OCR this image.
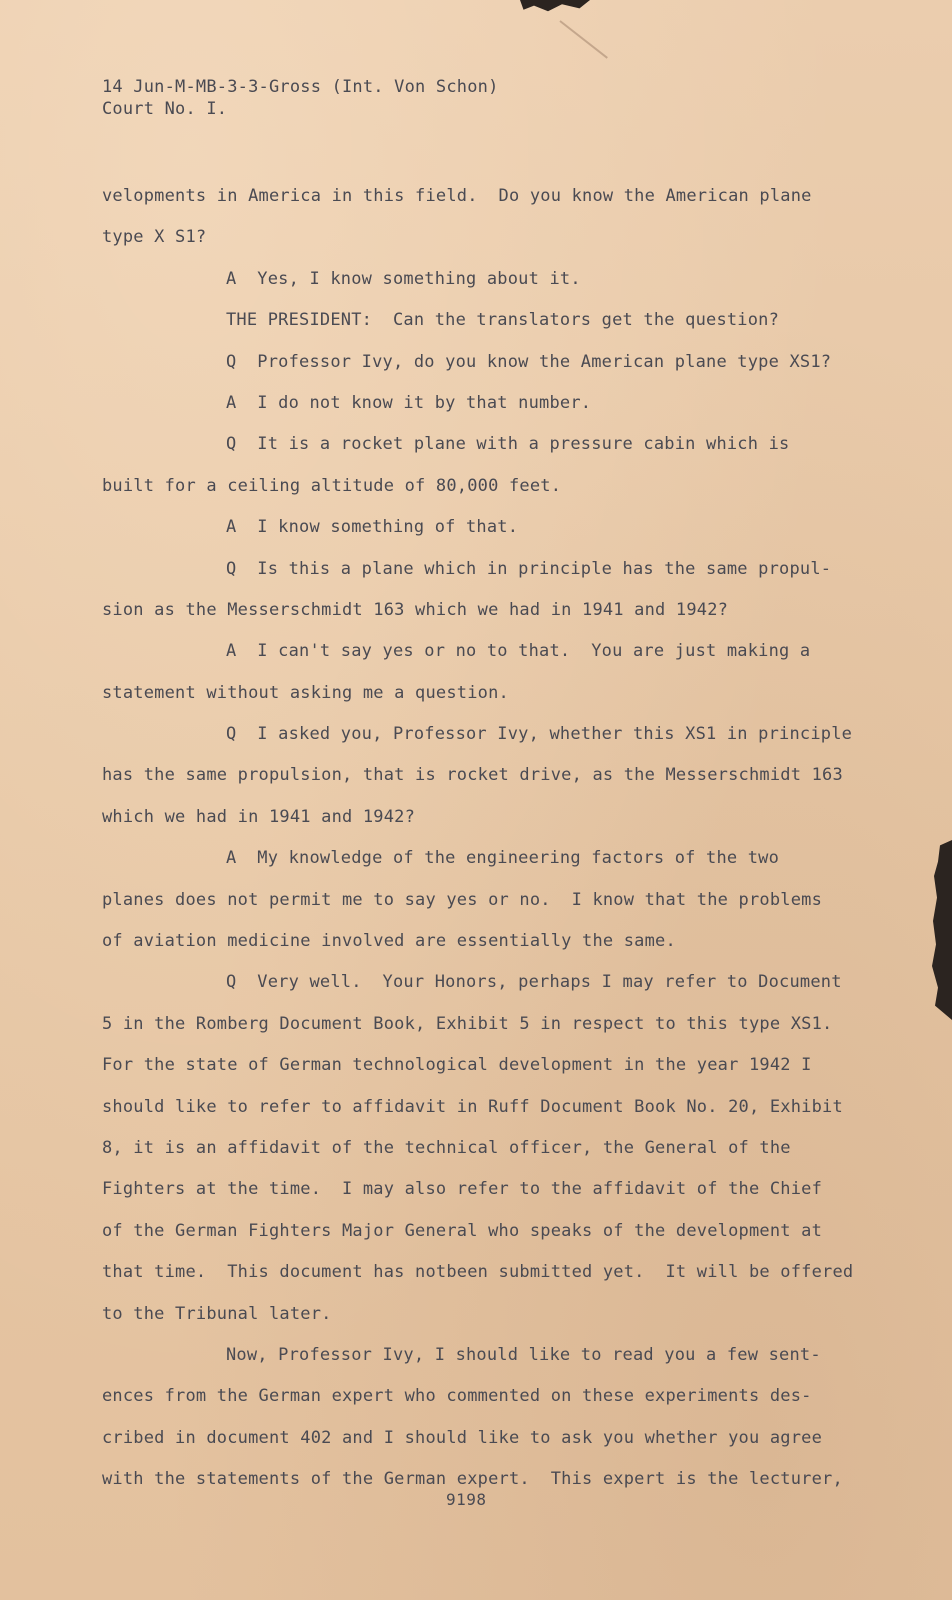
14 Jun-M-MB-3-3-Gross (Int. Von Schon)
Court No. I.
velopments in America in this field.  Do you know the American plane
type X S1?
A  Yes, I know something about it.
THE PRESIDENT:  Can the translators get the question?
Q  Professor Ivy, do you know the American plane type XS1?
A  I do not know it by that number.
Q  It is a rocket plane with a pressure cabin which is
built for a ceiling altitude of 80,000 feet.
A  I know something of that.
Q  Is this a plane which in principle has the same propul-
sion as the Messerschmidt 163 which we had in 1941 and 1942?
A  I can't say yes or no to that.  You are just making a
statement without asking me a question.
Q  I asked you, Professor Ivy, whether this XS1 in principle
has the same propulsion, that is rocket drive, as the Messerschmidt 163
which we had in 1941 and 1942?
A  My knowledge of the engineering factors of the two
planes does not permit me to say yes or no.  I know that the problems
of aviation medicine involved are essentially the same.
Q  Very well.  Your Honors, perhaps I may refer to Document
5 in the Romberg Document Book, Exhibit 5 in respect to this type XS1.
For the state of German technological development in the year 1942 I
should like to refer to affidavit in Ruff Document Book No. 20, Exhibit
8, it is an affidavit of the technical officer, the General of the
Fighters at the time.  I may also refer to the affidavit of the Chief
of the German Fighters Major General who speaks of the development at
that time.  This document has notbeen submitted yet.  It will be offered
to the Tribunal later.
Now, Professor Ivy, I should like to read you a few sent-
ences from the German expert who commented on these experiments des-
cribed in document 402 and I should like to ask you whether you agree
with the statements of the German expert.  This expert is the lecturer,
9198
